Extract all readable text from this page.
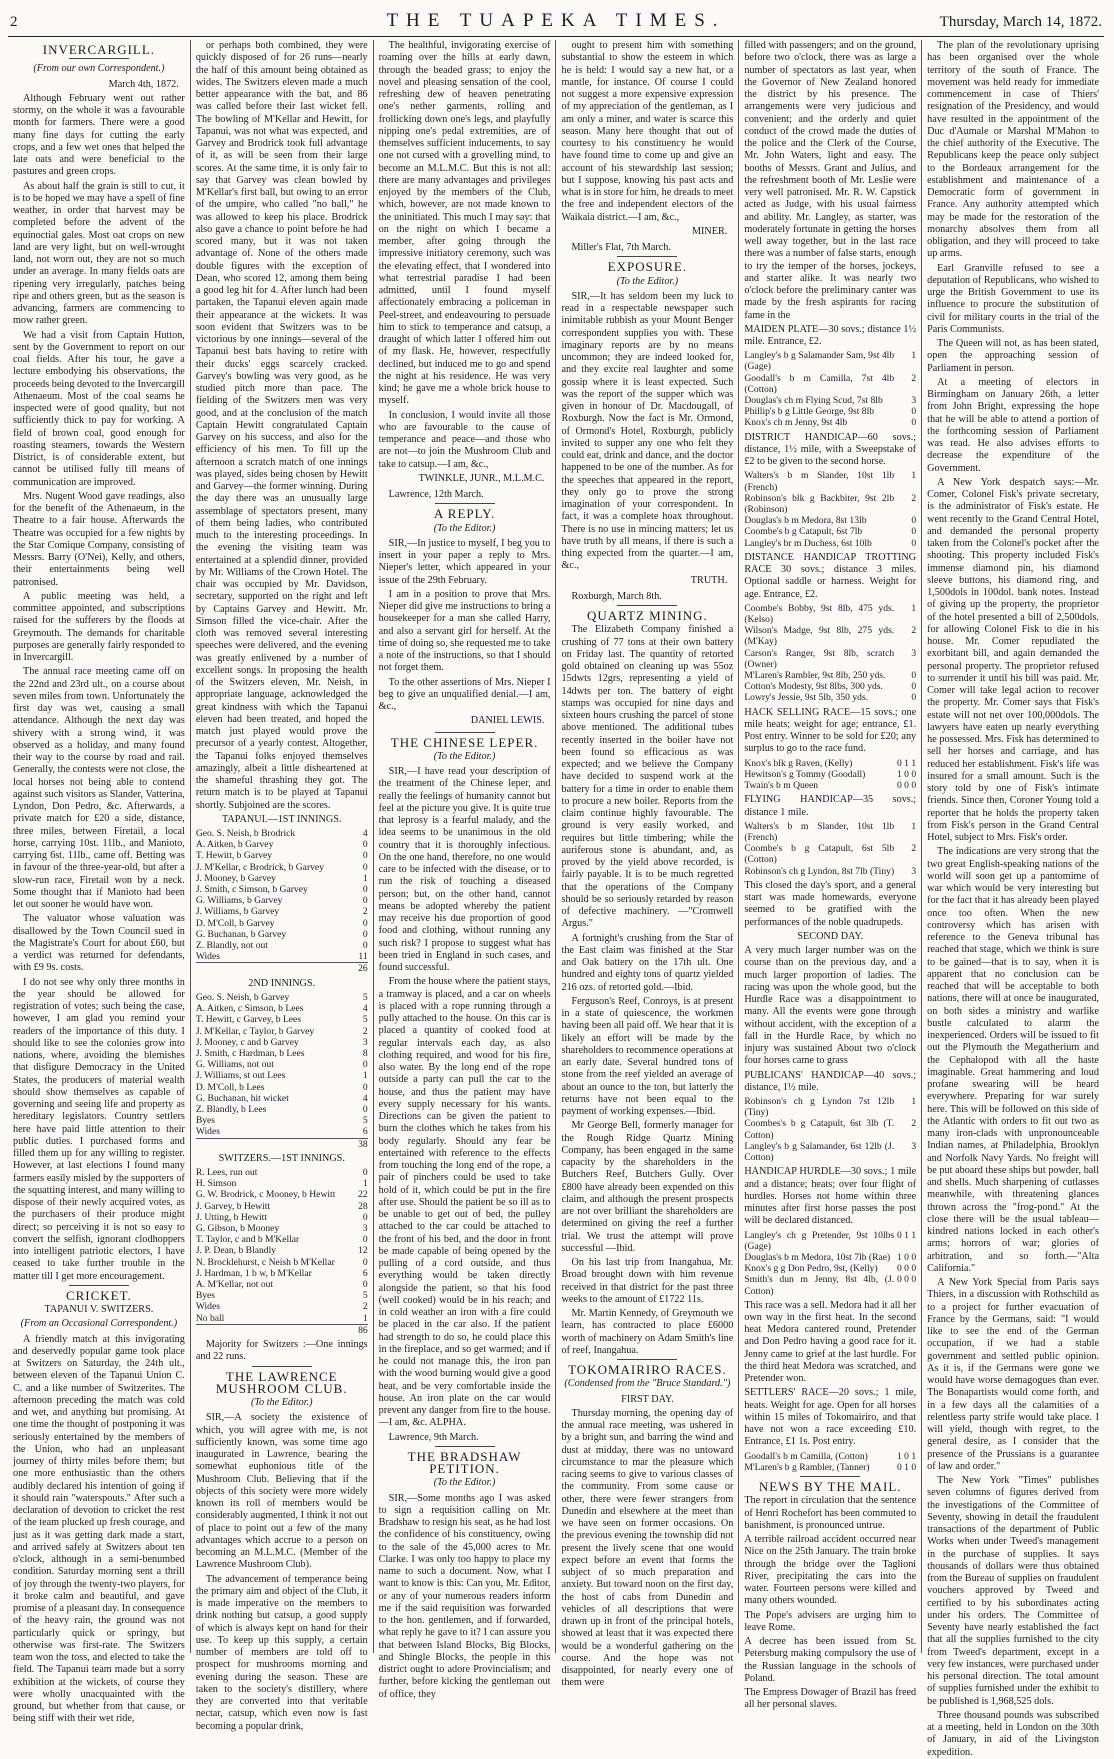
2	THE TUAPEKA TIMES.	Thursday, March 14, 1872.
INVERCARGILL.
(From our own Correspondent.)
March 4th, 1872.

Although February went out rather stormy, on the whole it was a favourable month for farmers. There were a good many fine days for cutting the early crops, and a few wet ones that helped the late oats and were beneficial to the pastures and green crops.

As about half the grain is still to cut, it is to be hoped we may have a spell of fine weather, in order that harvest may be completed before the advent of the equinoctial gales. Most oat crops on new land are very light, but on well-wrought land, not worn out, they are not so much under an average. In many fields oats are ripening very irregularly, patches being ripe and others green, but as the season is advancing, farmers are commencing to mow rather green.

We had a visit from Captain Hutton, sent by the Government to report on our coal fields. After his tour, he gave a lecture embodying his observations, the proceeds being devoted to the Invercargill Athenaeum. Most of the coal seams he inspected were of good quality, but not sufficiently thick to pay for working. A field of brown coal, good enough for roasting steamers, towards the Western District, is of considerable extent, but cannot be utilised fully till means of communication are improved.

Mrs. Nugent Wood gave readings, also for the benefit of the Athenaeum, in the Theatre to a fair house. Afterwards the Theatre was occupied for a few nights by the Star Comique Company, consisting of Messrs. Barry (O'Nei), Kelly, and others, their entertainments being well patronised.

A public meeting was held, a committee appointed, and subscriptions raised for the sufferers by the floods at Greymouth. The demands for charitable purposes are generally fairly responded to in Invercargill.

The annual race meeting came off on the 22nd and 23rd ult., on a course about seven miles from town. Unfortunately the first day was wet, causing a small attendance. Although the next day was shivery with a strong wind, it was observed as a holiday, and many found their way to the course by road and rail. Generally, the contests were not close, the local horses not being able to contend against such visitors as Slander, Vatterina, Lyndon, Don Pedro, &c. Afterwards, a private match for £20 a side, distance, three miles, between Firetail, a local horse, carrying 10st. 11lb., and Manioto, carrying 6st. 11lb., came off. Betting was in favour of the three-year-old, but after a slow-run race, Firetail won by a neck. Some thought that if Manioto had been let out sooner he would have won.

The valuator whose valuation was disallowed by the Town Council sued in the Magistrate's Court for about £60, but a verdict was returned for defendants, with £9 9s. costs.

I do not see why only three months in the year should be allowed for registration of votes; such being the case, however, I am glad you remind your readers of the importance of this duty. I should like to see the colonies grow into nations, where, avoiding the blemishes that disfigure Democracy in the United States, the producers of material wealth should show themselves as capable of governing and seeing life and property as hereditary legislators. Country settlers here have paid little attention to their public duties. I purchased forms and filled them up for any willing to register. However, at last elections I found many farmers easily misled by the supporters of the squatting interest, and many willing to dispose of their newly acquired votes, as the purchasers of their produce might direct; so perceiving it is not so easy to convert the selfish, ignorant clodhoppers into intelligent patriotic electors, I have ceased to take further trouble in the matter till I get more encouragement.

CRICKET.
TAPANUI V. SWITZERS.
(From an Occasional Correspondent.)

A friendly match at this invigorating and deservedly popular game took place at Switzers on Saturday, the 24th ult., between eleven of the Tapanui Union C. C. and a like number of Switzerites. The afternoon preceding the match was cold and wet, and anything but promising. At one time the thought of postponing it was seriously entertained by the members of the Union, who had an unpleasant journey of thirty miles before them; but one more enthusiastic than the others audibly declared his intention of going if it should rain "waterspouts." After such a declaration of devotion to cricket the rest of the team plucked up fresh courage, and just as it was getting dark made a start, and arrived safely at Switzers about ten o'clock, although in a semi-benumbed condition. Saturday morning sent a thrill of joy through the twenty-two players, for it broke calm and beautiful, and gave promise of a pleasant day. In consequence of the heavy rain, the ground was not particularly quick or springy, but otherwise was first-rate. The Switzers team won the toss, and elected to take the field. The Tapanui team made but a sorry exhibition at the wickets, of course they were wholly unacquainted with the ground, but whether from that cause, or being stiff with their wet ride,

or perhaps both combined, they were quickly disposed of for 26 runs—nearly the half of this amount being obtained as wides. The Switzers eleven made a much better appearance with the bat, and 86 was called before their last wicket fell. The bowling of M'Kellar and Hewitt, for Tapanui, was not what was expected, and Garvey and Brodrick took full advantage of it, as will be seen from their large scores. At the same time, it is only fair to say that Garvey was clean bowled by M'Kellar's first ball, but owing to an error of the umpire, who called "no ball," he was allowed to keep his place. Brodrick also gave a chance to point before he had scored many, but it was not taken advantage of. None of the others made double figures with the exception of Dean, who scored 12, among them being a good leg hit for 4. After lunch had been partaken, the Tapanui eleven again made their appearance at the wickets. It was soon evident that Switzers was to be victorious by one innings—several of the Tapanui best bats having to retire with their ducks' eggs scarcely cracked. Garvey's bowling was very good, as he studied pitch more than pace. The fielding of the Switzers men was very good, and at the conclusion of the match Captain Hewitt congratulated Captain Garvey on his success, and also for the efficiency of his men. To fill up the afternoon a scratch match of one innings was played, sides being chosen by Hewitt and Garvey—the former winning. During the day there was an unusually large assemblage of spectators present, many of them being ladies, who contributed much to the interesting proceedings. In the evening the visiting team was entertained at a splendid dinner, provided by Mr. Williams of the Crown Hotel. The chair was occupied by Mr. Davidson, secretary, supported on the right and left by Captains Garvey and Hewitt. Mr. Simson filled the vice-chair. After the cloth was removed several interesting speeches were delivered, and the evening was greatly enlivened by a number of excellent songs. In proposing the health of the Switzers eleven, Mr. Neish, in appropriate language, acknowledged the great kindness with which the Tapanui eleven had been treated, and hoped the match just played would prove the precursor of a yearly contest. Altogether, the Tapanui folks enjoyed themselves amazingly, albeit a little disheartened at the shameful thrashing they got. The return match is to be played at Tapanui shortly. Subjoined are the scores.

TAPANUI.—1ST INNINGS.
Geo. S. Neish, b Brodrick	4
A. Aitken, b Garvey	0
T. Hewitt, b Garvey	0
J. M'Kellar, c Brodrick, b Garvey	0
J. Mooney, b Garvey	1
J. Smith, c Simson, b Garvey	0
G. Williams, b Garvey	0
J. Williams, b Garvey	2
D. M'Coll, b Garvey	0
G. Buchanan, b Garvey	0
Z. Blandly, not out	0
Wides	11
	26
2ND INNINGS.
Geo. S. Neish, b Garvey	5
A. Aitken, c Simson, b Lees	4
T. Hewitt, c Garvey, b Lees	5
J. M'Kellar, c Taylor, b Garvey	2
J. Mooney, c and b Garvey	3
J. Smith, c Hardman, b Lees	8
G. Williams, not out	0
J. Williams, st out Lees	1
D. M'Coll, b Lees	0
G. Buchanan, hit wicket	4
Z. Blandly, b Lees	0
Byes	5
Wides	6
	38
SWITZERS.—1ST INNINGS.
R. Lees, run out	0
H. Simson	1
G. W. Brodrick, c Mooney, b Hewitt	22
J. Garvey, b Hewitt	28
J. Utting, b Hewitt	0
G. Gibson, b Mooney	3
T. Taylor, c and b M'Kellar	0
J. P. Dean, b Blandly	12
N. Brocklehurst, c Neish b M'Kellar	0
J. Hardman, 1 b w, b M'Kellar	6
A. M'Kellar, not out	0
Byes	5
Wides	2
No ball	1
	86

Majority for Switzers :—One innings and 22 runs.

THE LAWRENCE MUSHROOM CLUB.
(To the Editor.)

SIR,—A society the existence of which, you will agree with me, is not sufficiently known, was some time ago inaugurated in Lawrence, bearing the somewhat euphonious title of the Mushroom Club. Believing that if the objects of this society were more widely known its roll of members would be considerably augmented, I think it not out of place to point out a few of the many advantages which accrue to a person on becoming an M.L.M.C. (Member of the Lawrence Mushroom Club).

The advancement of temperance being the primary aim and object of the Club, it is made imperative on the members to drink nothing but catsup, a good supply of which is always kept on hand for their use. To keep up this supply, a certain number of members are told off to prospect for mushrooms morning and evening during the season. These are taken to the society's distillery, where they are converted into that veritable nectar, catsup, which even now is fast becoming a popular drink,

The healthful, invigorating exercise of roaming over the hills at early dawn, through the beaded grass; to enjoy the novel and pleasing sensation of the cool, refreshing dew of heaven penetrating one's nether garments, rolling and frollicking down one's legs, and playfully nipping one's pedal extremities, are of themselves sufficient inducements, to say one not cursed with a grovelling mind, to become an M.L.M.C. But this is not all: there are many advantages and privileges enjoyed by the members of the Club, which, however, are not made known to the uninitiated. This much I may say: that on the night on which I became a member, after going through the impressive initiatory ceremony, such was the elevating effect, that I wondered into what terrestrial paradise I had been admitted, until I found myself affectionately embracing a policeman in Peel-street, and endeavouring to persuade him to stick to temperance and catsup, a draught of which latter I offered him out of my flask. He, however, respectfully declined, but induced me to go and spend the night at his residence. He was very kind; he gave me a whole brick house to myself.

In conclusion, I would invite all those who are favourable to the cause of temperance and peace—and those who are not—to join the Mushroom Club and take to catsup.—I am, &c.,

TWINKLE, JUNR., M.L.M.C.

Lawrence, 12th March.

A REPLY.
(To the Editor.)

SIR,—In justice to myself, I beg you to insert in your paper a reply to Mrs. Nieper's letter, which appeared in your issue of the 29th February.

I am in a position to prove that Mrs. Nieper did give me instructions to bring a housekeeper for a man she called Harry, and also a servant girl for herself. At the time of doing so, she requested me to take a note of the instructions, so that I should not forget them.

To the other assertions of Mrs. Nieper I beg to give an unqualified denial.—I am, &c.,

DANIEL LEWIS.
THE CHINESE LEPER.
(To the Editor.)

SIR,—I have read your description of the treatment of the Chinese leper, and really the feelings of humanity cannot but feel at the picture you give. It is quite true that leprosy is a fearful malady, and the idea seems to be unanimous in the old country that it is thoroughly infectious. On the one hand, therefore, no one would care to be infected with the disease, or to run the risk of touching a diseased person; but, on the other hand, cannot means be adopted whereby the patient may receive his due proportion of good food and clothing, without running any such risk? I propose to suggest what has been tried in England in such cases, and found successful.

From the house where the patient stays, a tramway is placed, and a car on wheels is placed with a rope running through a pully attached to the house. On this car is placed a quantity of cooked food at regular intervals each day, as also clothing required, and wood for his fire, also water. By the long end of the rope outside a party can pull the car to the house, and thus the patient may have every supply necessary for his wants. Directions can be given the patient to burn the clothes which he takes from his body regularly. Should any fear be entertained with reference to the effects from touching the long end of the rope, a pair of pinchers could be used to take hold of it, which could be put in the fire after use. Should the patient be so ill as to be unable to get out of bed, the pulley attached to the car could be attached to the front of his bed, and the door in front be made capable of being opened by the pulling of a cord outside, and thus everything would be taken directly alongside the patient, so that his food (well cooked) would be in his reach; and in cold weather an iron with a fire could be placed in the car also. If the patient had strength to do so, he could place this in the fireplace, and so get warmed; and if he could not manage this, the iron pan with the wood burning would give a good heat, and be very comfortable inside the house. An iron plate on the car would prevent any danger from fire to the house. —I am, &c. ALPHA.

Lawrence, 9th March.

THE BRADSHAW PETITION.
(To the Editor.)

SIR,—Some months ago I was asked to sign a requisition calling on Mr. Bradshaw to resign his seat, as he had lost the confidence of his constituency, owing to the sale of the 45,000 acres to Mr. Clarke. I was only too happy to place my name to such a document. Now, what I want to know is this: Can you, Mr. Editor, or any of your numerous readers inform me if the said requisition was forwarded to the hon. gentlemen, and if forwarded, what reply he gave to it? I can assure you that between Island Blocks, Big Blocks, and Shingle Blocks, the people in this district ought to adore Provincialism; and further, before kicking the gentleman out of office, they

ought to present him with something substantial to show the esteem in which he is held: I would say a new hat, or a mantle, for instance. Of course I could not suggest a more expensive expression of my appreciation of the gentleman, as I am only a miner, and water is scarce this season. Many here thought that out of courtesy to his constituency he would have found time to come up and give an account of his stewardship last session; but I suppose, knowing his past acts and what is in store for him, he dreads to meet the free and independent electors of the Waikaia district.—I am, &c.,

MINER.

Miller's Flat, 7th March.

EXPOSURE.
(To the Editor.)

SIR,—It has seldom been my luck to read in a respectable newspaper such inimitable rubbish as your Mount Benger correspondent supplies you with. These imaginary reports are by no means uncommon; they are indeed looked for, and they excite real laughter and some gossip where it is least expected. Such was the report of the supper which was given in honour of Dr. Macdougall, of Roxburgh. Now the fact is Mr. Ormond, of Ormond's Hotel, Roxburgh, publicly invited to supper any one who felt they could eat, drink and dance, and the doctor happened to be one of the number. As for the speeches that appeared in the report, they only go to prove the strong imagination of your correspondent. In fact, it was a complete hoax throughout. There is no use in mincing matters; let us have truth by all means, if there is such a thing expected from the quarter.—I am, &c.,

TRUTH.

Roxburgh, March 8th.

QUARTZ MINING.

The Elizabeth Company finished a crushing of 77 tons at their own battery on Friday last. The quantity of retorted gold obtained on cleaning up was 55oz 15dwts 12grs, representing a yield of 14dwts per ton. The battery of eight stamps was occupied for nine days and sixteen hours crushing the parcel of stone above mentioned. The additional tubes recently inserted in the boiler have not been found so efficacious as was expected; and we believe the Company have decided to suspend work at the battery for a time in order to enable them to procure a new boiler. Reports from the claim continue highly favourable. The ground is very easily worked, and requires but little timbering; while the auriferous stone is abundant, and, as proved by the yield above recorded, is fairly payable. It is to be much regretted that the operations of the Company should be so seriously retarded by reason of defective machinery. —"Cromwell Argus."

A fortnight's crushing from the Star of the East claim was finished at the Star and Oak battery on the 17th ult. One hundred and eighty tons of quartz yielded 216 ozs. of retorted gold.—Ibid.

Ferguson's Reef, Conroys, is at present in a state of quiescence, the workmen having been all paid off. We hear that it is likely an effort will be made by the shareholders to recommence operations at an early date. Several hundred tons of stone from the reef yielded an average of about an ounce to the ton, but latterly the returns have not been equal to the payment of working expenses.—Ibid.

Mr George Bell, formerly manager for the Rough Ridge Quartz Mining Company, has been engaged in the same capacity by the shareholders in the Butchers Reef, Butchers Gully. Over £800 have already been expended on this claim, and although the present prospects are not over brilliant the shareholders are determined on giving the reef a further trial. We trust the attempt will prove successful —Ibid.

On his last trip from Inangahua, Mr. Broad brought down with him revenue received in that district for the past three weeks to the amount of £1722 11s.

Mr. Martin Kennedy, of Greymouth we learn, has contracted to place £6000 worth of machinery on Adam Smith's line of reef, Inangahua.

TOKOMAIRIRO RACES.
(Condensed from the "Bruce Standard.")
FIRST DAY.

Thursday morning, the opening day of the annual race meeting, was ushered in by a bright sun, and barring the wind and dust at midday, there was no untoward circumstance to mar the pleasure which racing seems to give to various classes of the community. From some cause or other, there were fewer strangers from Dunedin and elsewhere at the meet than we have seen on former occasions. On the previous evening the township did not present the lively scene that one would expect before an event that forms the subject of so much preparation and anxiety. But toward noon on the first day, the host of cabs from Dunedin and vehicles of all descriptions that were drawn up in front of the principal hotels, showed at least that it was expected there would be a wonderful gathering on the course. And the hope was not disappointed, for nearly every one of them were

filled with passengers; and on the ground, before two o'clock, there was as large a number of spectators as last year, when the Governor of New Zealand honored the district by his presence. The arrangements were very judicious and convenient; and the orderly and quiet conduct of the crowd made the duties of the police and the Clerk of the Course, Mr. John Waters, light and easy. The booths of Messrs. Grant and Julius, and the refreshment booth of Mr. Leslie were very well patronised. Mr. R. W. Capstick acted as Judge, with his usual fairness and ability. Mr. Langley, as starter, was moderately fortunate in getting the horses well away together, but in the last race there was a number of false starts, enough to try the temper of the horses, jockeys, and starter alike. It was nearly two o'clock before the preliminary canter was made by the fresh aspirants for racing fame in the

MAIDEN PLATE—30 sovs.; distance 1½ mile. Entrance, £2.

Langley's b g Salamander Sam, 9st 4lb (Gage)	1
Goodall's b m Camilla, 7st 4lb (Cotton)	2
Douglas's ch m Flying Scud, 7st 8lb	3
Phillip's b g Little George, 9st 8lb	0
Knox's ch m Jenny, 9st 4lb	0

DISTRICT HANDICAP—60 sovs.; distance, 1½ mile, with a Sweepstake of £2 to be given to the second horse.

Walters's b m Slander, 10st 1lb (French)	1
Robinson's blk g Backbiter, 9st 2lb (Robinson)	2
Douglas's b m Medora, 8st 13lb	0
Coombe's b g Catapult, 6st 7lb	0
Langley's br m Duchess, 6st 10lb	0

DISTANCE HANDICAP TROTTING RACE 30 sovs.; distance 3 miles. Optional saddle or harness. Weight for age. Entrance, £2.

Coombe's Bobby, 9st 8lb, 475 yds. (Kelso)	1
Wilson's Madge, 9st 8lb, 275 yds. (M'Kay)	2
Carson's Ranger, 9st 8lb, scratch (Owner)	3
M'Laren's Rambler, 9st 8lb, 250 yds.	0
Cotton's Modesty, 9st 8lbs, 300 yds.	0
Lowry's Jessie, 9st 5lb, 350 yds.	0

HACK SELLING RACE—15 sovs.; one mile heats; weight for age; entrance, £1. Post entry. Winner to be sold for £20; any surplus to go to the race fund.

Knox's blk g Raven, (Kelly)	0 1 1
Hewitson's g Tommy (Goodall)	1 0 0
Twain's b m Queen	0 0 0

FLYING HANDICAP—35 sovs.; distance 1 mile.

Walters's b m Slander, 10st 1lb (French)	1
Coombe's b g Catapult, 6st 5lb (Cotton)	2
Robinson's ch g Lyndon, 8st 7lb (Tiny)	3

This closed the day's sport, and a general start was made homewards, everyone seemed to be gratified with the performances of the noble quadrupeds.

SECOND DAY.

A very much larger number was on the course than on the previous day, and a much larger proportion of ladies. The racing was upon the whole good, but the Hurdle Race was a disappointment to many. All the events were gone through without accident, with the exception of a fall in the Hurdle Race, by which no injury was sustained About two o'clock four horses came to grass

PUBLICANS' HANDICAP—40 sovs.; distance, 1½ mile.

Robinson's ch g Lyndon 7st 12lb (Tiny)	1
Coombes's b g Catapult, 6st 3lb (T. Cotton)	2
Langley's b g Salamander, 6st 12lb (J. Cotton)	3

HANDICAP HURDLE—30 sovs.; 1 mile and a distance; heats; over four flight of hurdles. Horses not home within three minutes after first horse passes the post will be declared distanced.

Langley's ch g Pretender, 9st 10lbs (Gage)	0 1 1
Douglas's b m Medora, 10st 7lb (Rae)	1 0 0
Knox's g g Don Pedro, 9st, (Kelly)	0 0 0
Smith's dun m Jenny, 8st 4lb, (J. Cotton)	0 0 0

This race was a sell. Medora had it all her own way in the first heat. In the second heat Medora cantered round, Pretender and Don Pedro having a good race for it. Jenny came to grief at the last hurdle. For the third heat Medora was scratched, and Pretender won.

SETTLERS' RACE—20 sovs.; 1 mile, heats. Weight for age. Open for all horses within 15 miles of Tokomairiro, and that have not won a race exceeding £10. Entrance, £1 1s. Post entry.

Goodall's b m Camilla, (Cotton)	1 0 1
M'Laren's b g Rambler, (Tanner)	0 1 0
NEWS BY THE MAIL.

The report in circulation that the sentence of Henri Rochefort has been commuted to banishment, is pronounced untrue.

A terrible railroad accident occurred near Nice on the 25th January. The train broke through the bridge over the Taglioni River, precipitating the cars into the water. Fourteen persons were killed and many others wounded.

The Pope's advisers are urging him to leave Rome.

A decree has been issued from St. Petersburg making compulsory the use of the Russian language in the schools of Poland.

The Empress Dowager of Brazil has freed all her personal slaves.

The plan of the revolutionary uprising has been organised over the whole territory of the south of France. The movement was held ready for immediate commencement in case of Thiers' resignation of the Presidency, and would have resulted in the appointment of the Duc d'Aumale or Marshal M'Mahon to the chief authority of the Executive. The Republicans keep the peace only subject to the Bordeaux arrangement for the establishment and maintenance of a Democratic form of government in France. Any authority attempted which may be made for the restoration of the monarchy absolves them from all obligation, and they will proceed to take up arms.

Earl Granville refused to see a deputation of Republicans, who wished to urge the British Government to use its influence to procure the substitution of civil for military courts in the trial of the Paris Communists.

The Queen will not, as has been stated, open the approaching session of Parliament in person.

At a meeting of electors in Birmingham on January 26th, a letter from John Bright, expressing the hope that he will be able to attend a portion of the forthcoming session of Parliament was read. He also advises efforts to decrease the expenditure of the Government.

A New York despatch says:—Mr. Comer, Colonel Fisk's private secretary, is the administrator of Fisk's estate. He went recently to the Grand Central Hotel, and demanded the personal property taken from the Colonel's pocket after the shooting. This property included Fisk's immense diamond pin, his diamond sleeve buttons, his diamond ring, and 1,500dols in 100dol. bank notes. Instead of giving up the property, the proprietor of the hotel presented a bill of 2,500dols. for allowing Colonel Fisk to die in his house. Mr. Comer repudiated the exorbitant bill, and again demanded the personal property. The proprietor refused to surrender it until his bill was paid. Mr. Comer will take legal action to recover the property. Mr. Comer says that Fisk's estate will not net over 100,000dols. The lawyers have eaten up nearly everything he possessed. Mrs. Fisk has determined to sell her horses and carriage, and has reduced her establishment. Fisk's life was insured for a small amount. Such is the story told by one of Fisk's intimate friends. Since then, Coroner Young told a reporter that he holds the property taken from Fisk's person in the Grand Central Hotel, subject to Mrs. Fisk's order.

The indications are very strong that the two great English-speaking nations of the world will soon get up a pantomime of war which would be very interesting but for the fact that it has already been played once too often. When the new controversy which has arisen with reference to the Geneva tribunal has reached that stage, which we think is sure to be gained—that is to say, when it is apparent that no conclusion can be reached that will be acceptable to both nations, there will at once be inaugurated, on both sides a ministry and warlike bustle calculated to alarm the inexperienced. Orders will be issued to fit out the Plymouth the Megatherium and the Cephalopod with all the haste imaginable. Great hammering and loud profane swearing will be heard everywhere. Preparing for war surely here. This will be followed on this side of the Atlantic with orders to fit out two as many iron-clads with unpronounceable Indian names, at Philadelphia, Brooklyn and Norfolk Navy Yards. No freight will be put aboard these ships but powder, ball and shells. Much sharpening of cutlasses meanwhile, with threatening glances thrown across the "frog-pond." At the close there will be the usual tableau—kindred nations locked in each other's arms; horrors of war; glories of arbitration, and so forth.—"Alta California."

A New York Special from Paris says Thiers, in a discussion with Rothschild as to a project for further evacuation of France by the Germans, said: "I would like to see the end of the German occupation, if we had a stable government and settled public opinion. As it is, if the Germans were gone we would have worse demagogues than ever. The Bonapartists would come forth, and in a few days all the calamities of a relentless party strife would take place. I will yield, though with regret, to the general desire, as I consider that the presence of the Prussians is a guarantee of law and order."

The New York "Times" publishes seven columns of figures derived from the investigations of the Committee of Seventy, showing in detail the fraudulent transactions of the department of Public Works when under Tweed's management in the purchase of supplies. It says thousands of dollars were thus obtained from the Bureau of supplies on fraudulent vouchers approved by Tweed and certified to by his subordinates acting under his orders. The Committee of Seventy have nearly established the fact that all the supplies furnished to the city from Tweed's department, except in a very few instances, were purchased under his personal direction. The total amount of supplies furnished under the exhibit to be published is 1,968,525 dols.

Three thousand pounds was subscribed at a meeting, held in London on the 30th of January, in aid of the Livingston expedition.
